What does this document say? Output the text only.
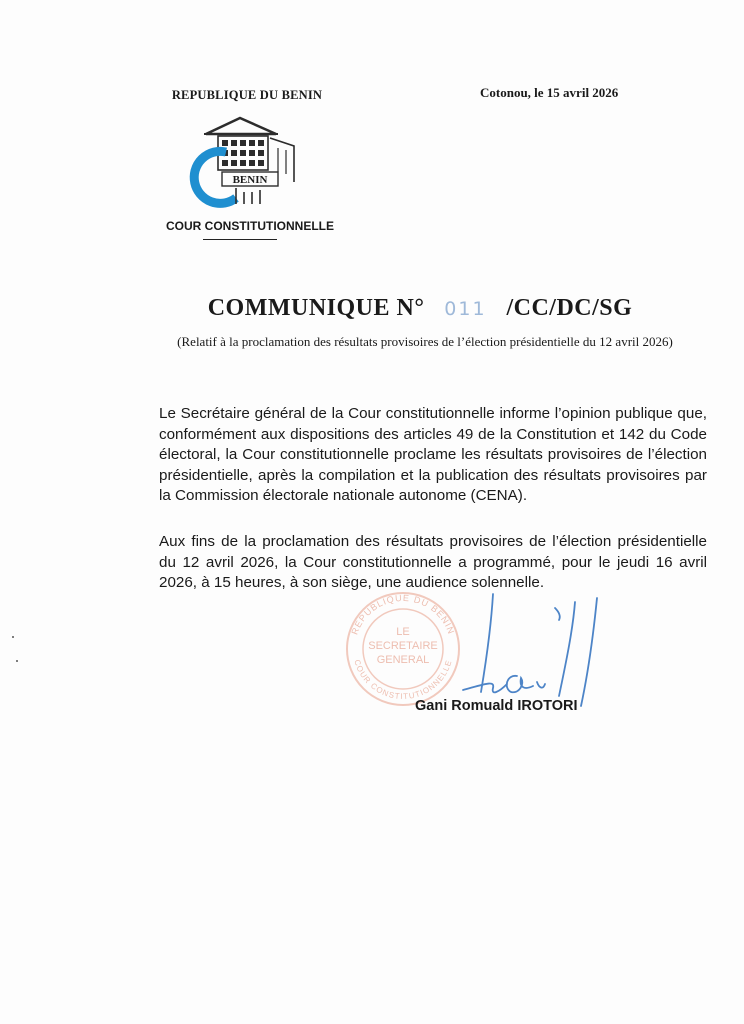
REPUBLIQUE DU BENIN	Cotonou, le 15 avril 2026
BENIN
COUR CONSTITUTIONNELLE
COMMUNIQUE N° 011 /CC/DC/SG
(Relatif à la proclamation des résultats provisoires de l’élection présidentielle du 12 avril 2026)

Le Secrétaire général de la Cour constitutionnelle informe l’opinion publique que, conformément aux dispositions des articles 49 de la Constitution et 142 du Code électoral, la Cour constitutionnelle proclame les résultats provisoires de l’élection présidentielle, après la compilation et la publication des résultats provisoires par la Commission électorale nationale autonome (CENA).

Aux fins de la proclamation des résultats provisoires de l’élection présidentielle du 12 avril 2026, la Cour constitutionnelle a programmé, pour le jeudi 16 avril 2026, à 15 heures, à son siège, une audience solennelle.

REPUBLIQUE DU BENIN
COUR CONSTITUTIONNELLE
LE
SECRETAIRE
GENERAL
Gani Romuald IROTORI
